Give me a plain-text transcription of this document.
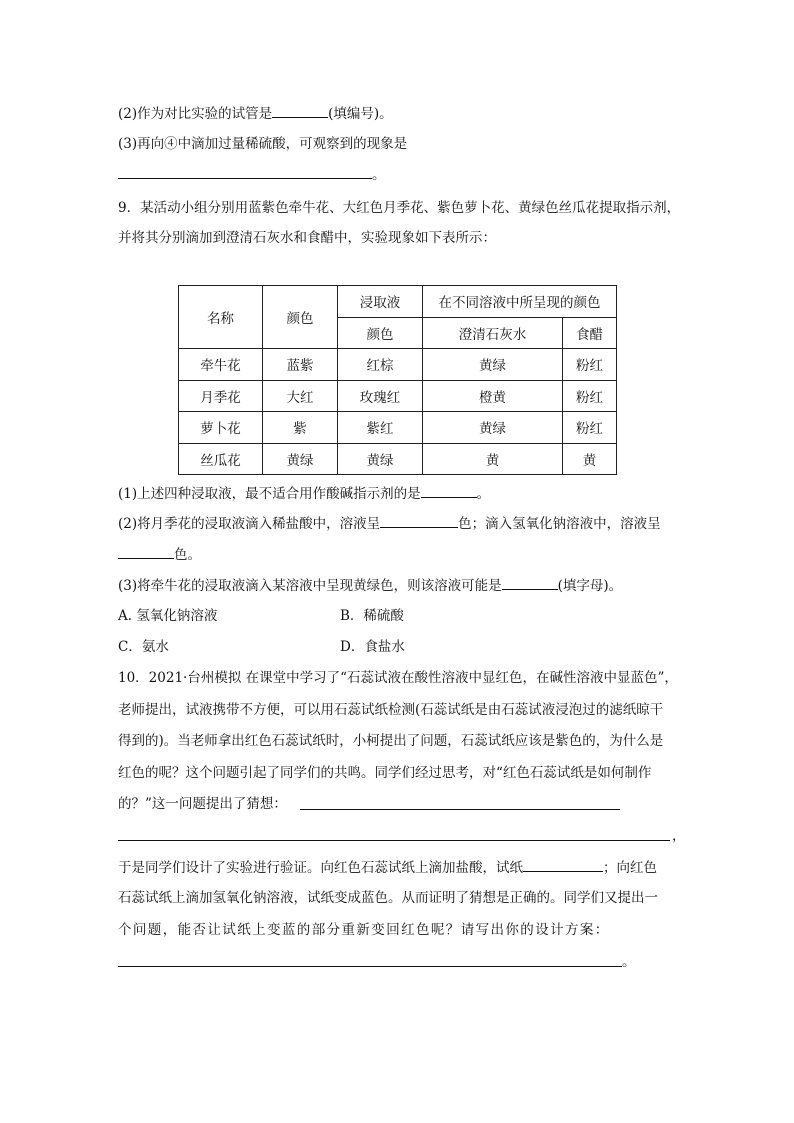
(2)作为对比实验的试管是	(填编号)。
(3)再向④中滴加过量稀硫酸，可观察到的现象是
。
9．某活动小组分别用蓝紫色牵牛花、大红色月季花、紫色萝卜花、黄绿色丝瓜花提取指示剂，
并将其分别滴加到澄清石灰水和食醋中，实验现象如下表所示：
名称	颜色	浸取液	在不同溶液中所呈现的颜色	
		颜色	澄清石灰水	食醋
牵牛花	蓝紫	红棕	黄绿	粉红
月季花	大红	玫瑰红	橙黄	粉红
萝卜花	紫	紫红	黄绿	粉红
丝瓜花	黄绿	黄绿	黄	黄
(1)上述四种浸取液，最不适合用作酸碱指示剂的是	。
(2)将月季花的浸取液滴入稀盐酸中，溶液呈	色；滴入氢氧化钠溶液中，溶液呈
色。
(3)将牵牛花的浸取液滴入某溶液中呈现黄绿色，则该溶液可能是	(填字母)。
A. 氢氧化钠溶液	B．稀硫酸
C．氨水	D．食盐水
10．2021·台州模拟 在课堂中学习了“石蕊试液在酸性溶液中显红色，在碱性溶液中显蓝色”，
老师提出，试液携带不方便，可以用石蕊试纸检测(石蕊试纸是由石蕊试液浸泡过的滤纸晾干
得到的)。当老师拿出红色石蕊试纸时，小柯提出了问题，石蕊试纸应该是紫色的，为什么是
红色的呢？这个问题引起了同学们的共鸣。同学们经过思考，对“红色石蕊试纸是如何制作
的？”这一问题提出了猜想：
，
于是同学们设计了实验进行验证。向红色石蕊试纸上滴加盐酸，试纸	；向红色
石蕊试纸上滴加氢氧化钠溶液，试纸变成蓝色。从而证明了猜想是正确的。同学们又提出一
个问题，能否让试纸上变蓝的部分重新变回红色呢？请写出你的设计方案：
。
